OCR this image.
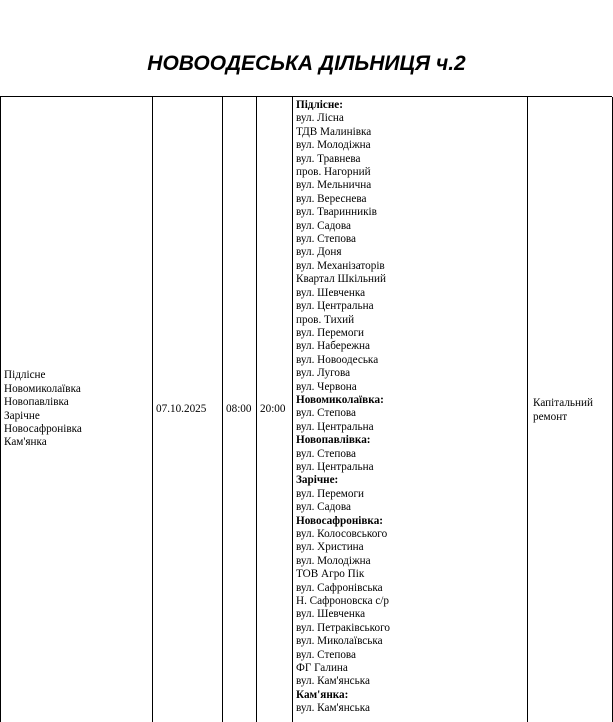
НОВООДЕСЬКА ДІЛЬНИЦЯ ч.2
Підлісне
Новомиколаївка
Новопавлівка
Зарічне
Новосафронівка
Кам'янка
07.10.2025 08:00 20:00
Підлісне:
вул. Лісна
ТДВ Малинівка
вул. Молодіжна
вул. Травнева
пров. Нагорний
вул. Мельнична
вул. Вереснева
вул. Тваринників
вул. Садова
вул. Степова
вул. Доня
вул. Механізаторів
Квартал Шкільний
вул. Шевченка
вул. Центральна
пров. Тихий
вул. Перемоги
вул. Набережна
вул. Новоодеська
вул. Лугова
вул. Червона
Новомиколаївка:
вул. Степова
вул. Центральна
Новопавлівка:
вул. Степова
вул. Центральна
Зарічне:
вул. Перемоги
вул. Садова
Новосафронівка:
вул. Колосовського
вул. Христина
вул. Молодіжна
ТОВ Агро Пік
вул. Сафронівська
Н. Сафроновска с/р
вул. Шевченка
вул. Петраківського
вул. Миколаївська
вул. Степова
ФГ Галина
вул. Кам'янська
Кам'янка:
вул. Кам'янська
Капітальний ремонт
